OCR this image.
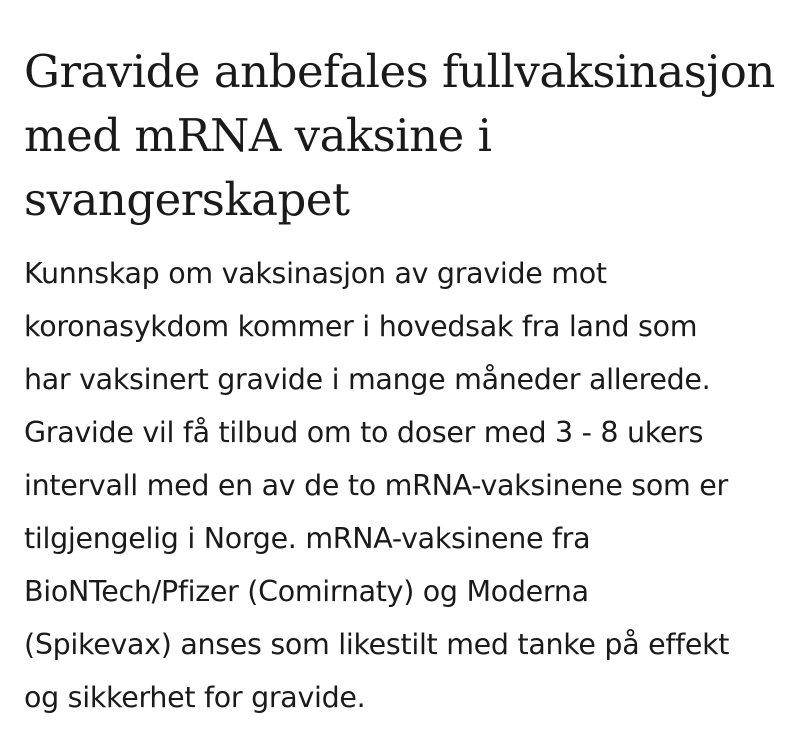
Gravide anbefales fullvaksinasjon
med mRNA vaksine i
svangerskapet

Kunnskap om vaksinasjon av gravide mot
koronasykdom kommer i hovedsak fra land som
har vaksinert gravide i mange måneder allerede.
Gravide vil få tilbud om to doser med 3 - 8 ukers
intervall med en av de to mRNA-vaksinene som er
tilgjengelig i Norge. mRNA-vaksinene fra
BioNTech/Pfizer (Comirnaty) og Moderna
(Spikevax) anses som likestilt med tanke på effekt
og sikkerhet for gravide.
